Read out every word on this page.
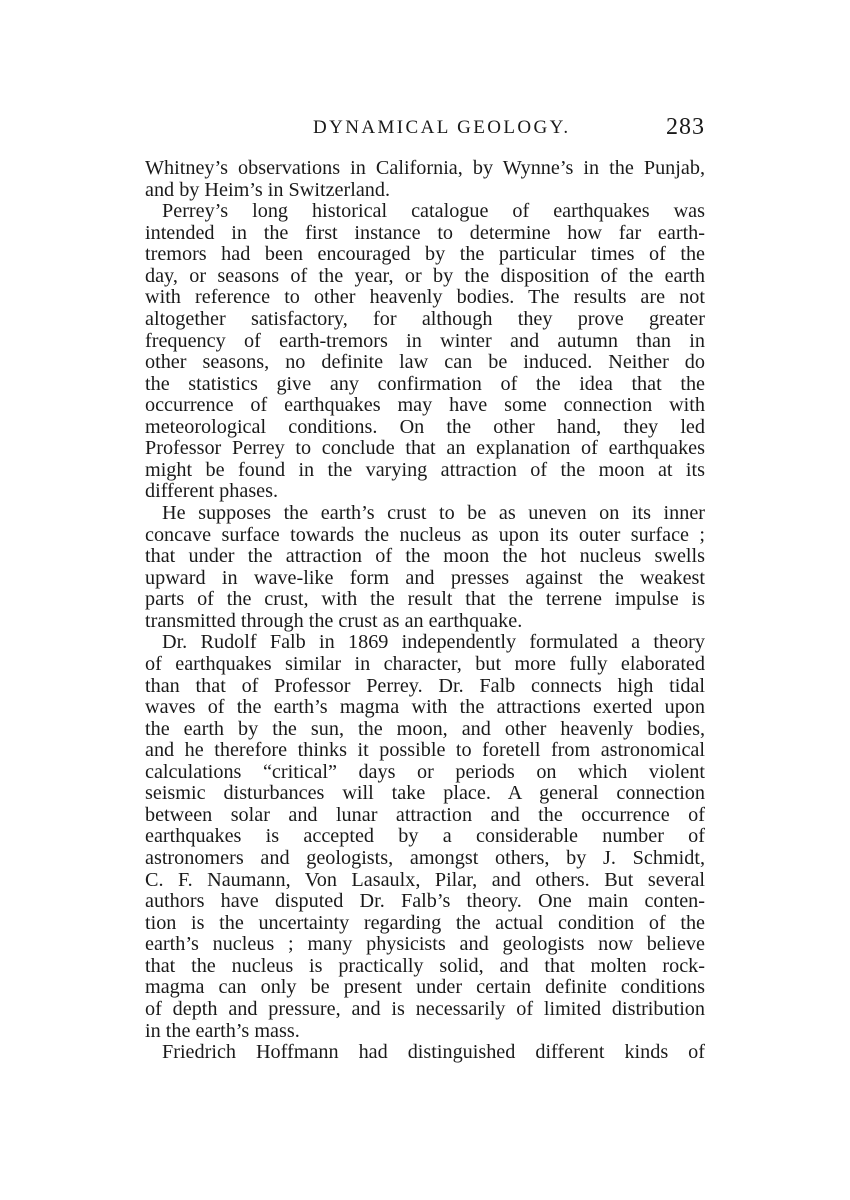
DYNAMICAL GEOLOGY.	283
Whitney’s observations in California, by Wynne’s in the Punjab,
and by Heim’s in Switzerland.
Perrey’s long historical catalogue of earthquakes was
intended in the first instance to determine how far earth-
tremors had been encouraged by the particular times of the
day, or seasons of the year, or by the disposition of the earth
with reference to other heavenly bodies. The results are not
altogether satisfactory, for although they prove greater
frequency of earth-tremors in winter and autumn than in
other seasons, no definite law can be induced. Neither do
the statistics give any confirmation of the idea that the
occurrence of earthquakes may have some connection with
meteorological conditions. On the other hand, they led
Professor Perrey to conclude that an explanation of earthquakes
might be found in the varying attraction of the moon at its
different phases.
He supposes the earth’s crust to be as uneven on its inner
concave surface towards the nucleus as upon its outer surface ;
that under the attraction of the moon the hot nucleus swells
upward in wave-like form and presses against the weakest
parts of the crust, with the result that the terrene impulse is
transmitted through the crust as an earthquake.
Dr. Rudolf Falb in 1869 independently formulated a theory
of earthquakes similar in character, but more fully elaborated
than that of Professor Perrey. Dr. Falb connects high tidal
waves of the earth’s magma with the attractions exerted upon
the earth by the sun, the moon, and other heavenly bodies,
and he therefore thinks it possible to foretell from astronomical
calculations “critical” days or periods on which violent
seismic disturbances will take place. A general connection
between solar and lunar attraction and the occurrence of
earthquakes is accepted by a considerable number of
astronomers and geologists, amongst others, by J. Schmidt,
C. F. Naumann, Von Lasaulx, Pilar, and others. But several
authors have disputed Dr. Falb’s theory. One main conten-
tion is the uncertainty regarding the actual condition of the
earth’s nucleus ; many physicists and geologists now believe
that the nucleus is practically solid, and that molten rock-
magma can only be present under certain definite conditions
of depth and pressure, and is necessarily of limited distribution
in the earth’s mass.
Friedrich Hoffmann had distinguished different kinds of
